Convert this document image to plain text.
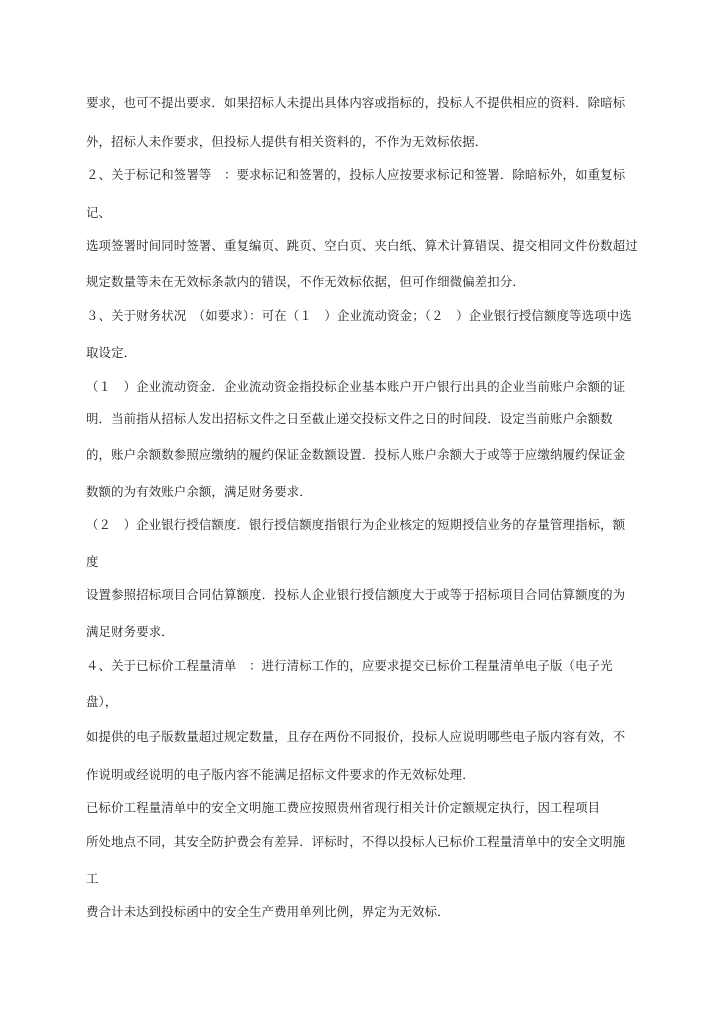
要求，也可不提出要求．如果招标人未提出具体内容或指标的，投标人不提供相应的资料．除暗标
外，招标人未作要求，但投标人提供有相关资料的，不作为无效标依据．
２、关于标记和签署等　：要求标记和签署的，投标人应按要求标记和签署．除暗标外，如重复标
记、
选项签署时间同时签署、重复编页、跳页、空白页、夹白纸、算术计算错误、提交相同文件份数超过
规定数量等未在无效标条款内的错误，不作无效标依据，但可作细微偏差扣分．
３、关于财务状况　（如要求）：可在（１　）企业流动资金；（２　）企业银行授信额度等选项中选
取设定．
（１　）企业流动资金．企业流动资金指投标企业基本账户开户银行出具的企业当前账户余额的证
明．当前指从招标人发出招标文件之日至截止递交投标文件之日的时间段．设定当前账户余额数
的，账户余额数参照应缴纳的履约保证金数额设置．投标人账户余额大于或等于应缴纳履约保证金
数额的为有效账户余额，满足财务要求．
（２　）企业银行授信额度．银行授信额度指银行为企业核定的短期授信业务的存量管理指标，额
度
设置参照招标项目合同估算额度．投标人企业银行授信额度大于或等于招标项目合同估算额度的为
满足财务要求．
４、关于已标价工程量清单　：进行清标工作的，应要求提交已标价工程量清单电子版（电子光
盘），
如提供的电子版数量超过规定数量，且存在两份不同报价，投标人应说明哪些电子版内容有效，不
作说明或经说明的电子版内容不能满足招标文件要求的作无效标处理．
已标价工程量清单中的安全文明施工费应按照贵州省现行相关计价定额规定执行，因工程项目
所处地点不同，其安全防护费会有差异．评标时，不得以投标人已标价工程量清单中的安全文明施
工
费合计未达到投标函中的安全生产费用单列比例，界定为无效标．
